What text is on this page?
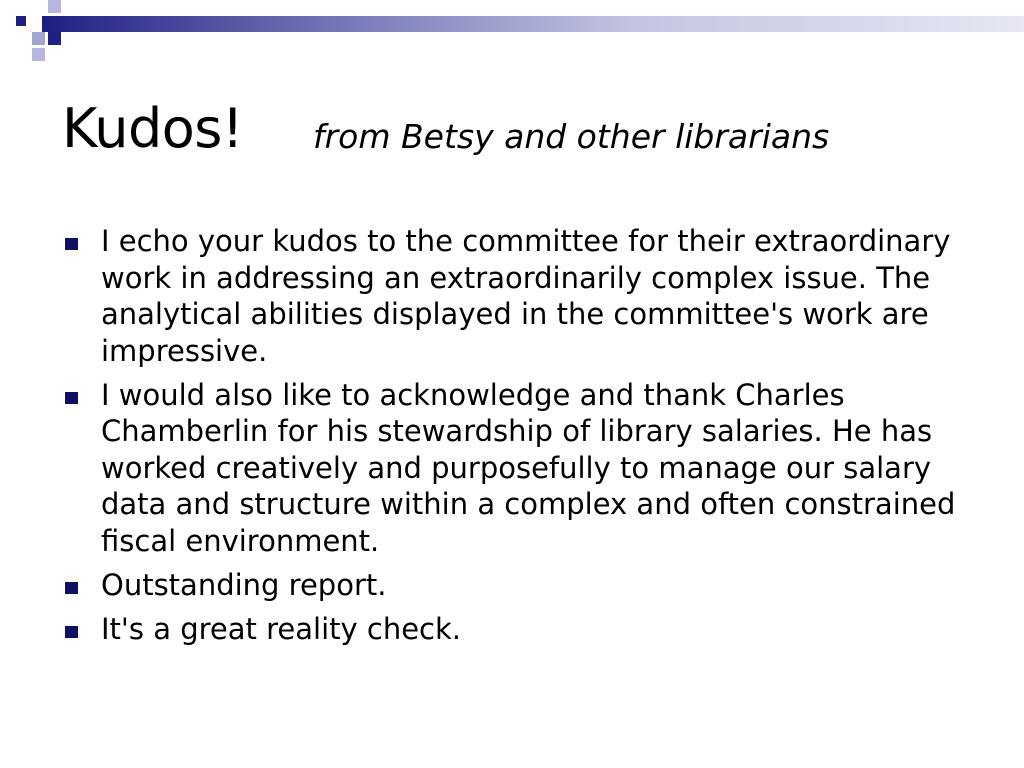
Kudos! from Betsy and other librarians
I echo your kudos to the committee for their extraordinary work in addressing an extraordinarily complex issue. The analytical abilities displayed in the committee's work are impressive.
I would also like to acknowledge and thank Charles Chamberlin for his stewardship of library salaries. He has worked creatively and purposefully to manage our salary data and structure within a complex and often constrained fiscal environment.
Outstanding report.
It's a great reality check.
